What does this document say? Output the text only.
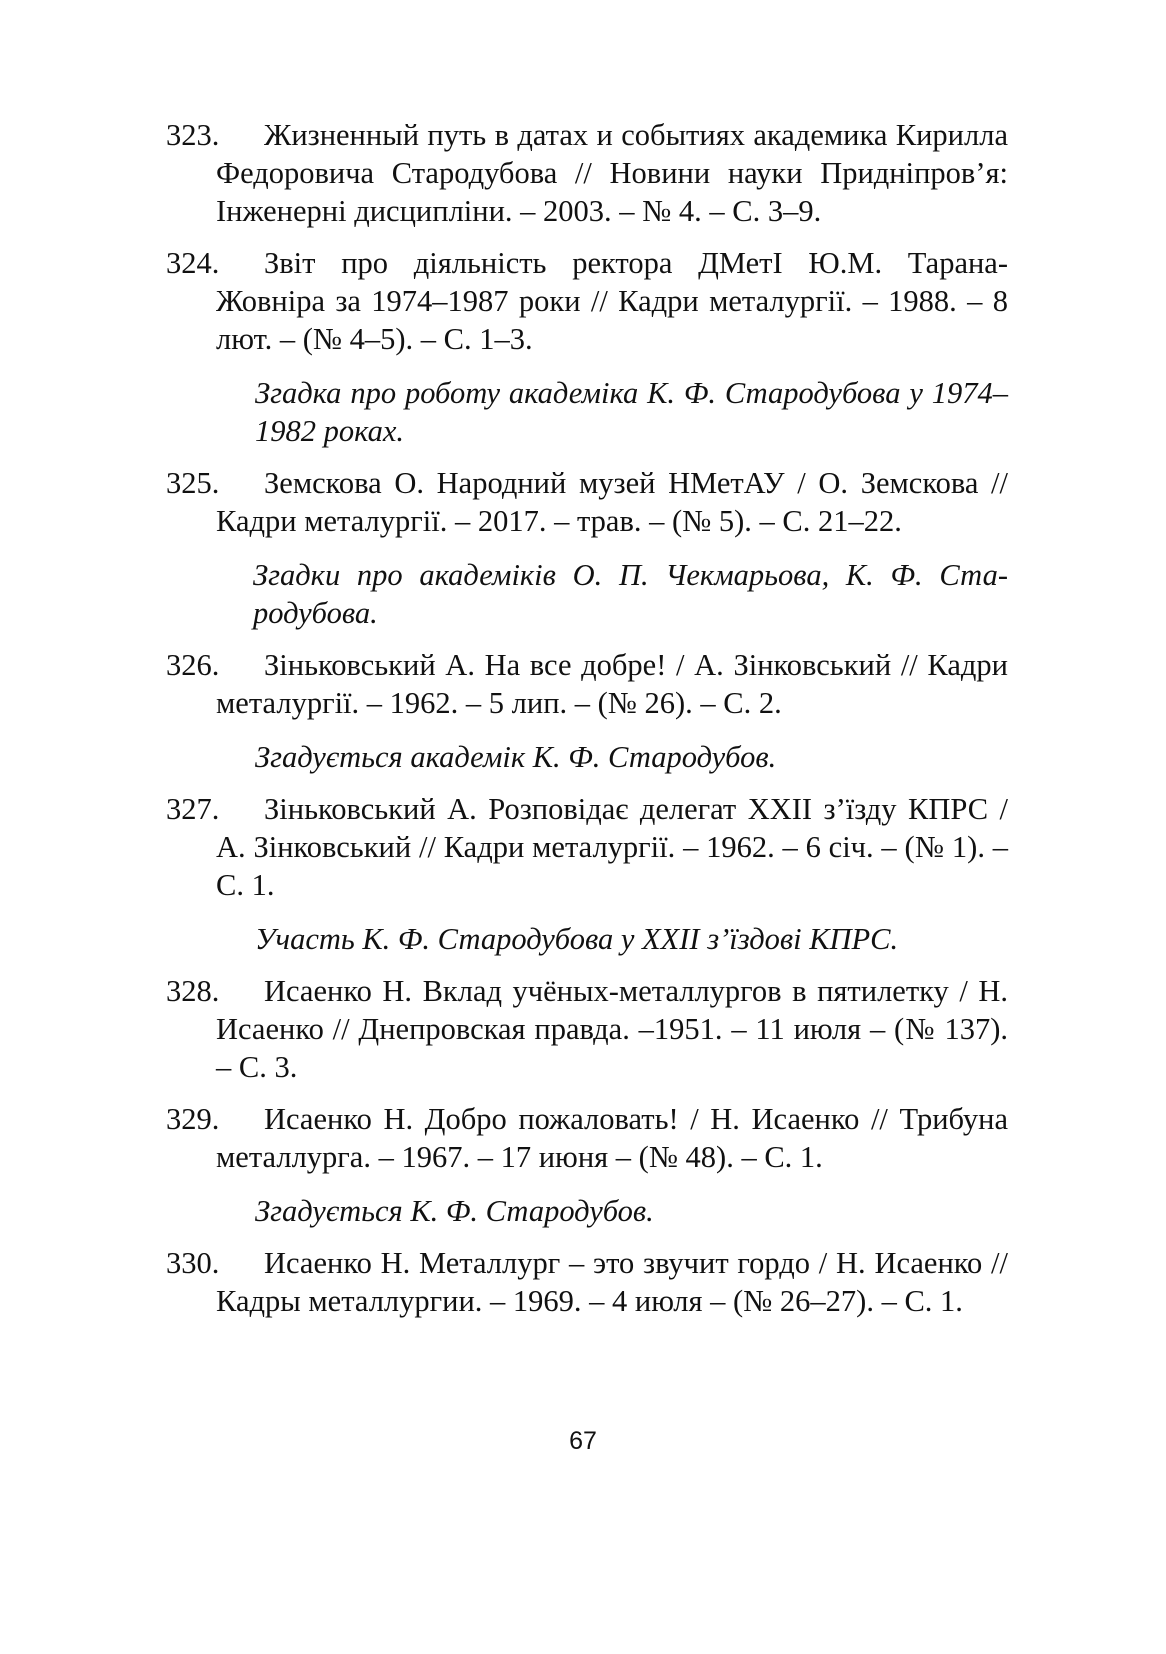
323. Жизненный путь в датах и событиях академика Кирилла Федоровича Стародубова // Новини науки Придніпров’я: Інженерні дисципліни. – 2003. – № 4. – С. 3–9.
324. Звіт про діяльність ректора ДМетІ Ю.М. Тарана-Жовніра за 1974–1987 роки // Кадри металургії. – 1988. – 8 лют. – (№ 4–5). – С. 1–3.
Згадка про роботу академіка К. Ф. Стародубова у 1974–1982 роках.
325. Земскова О. Народний музей НМетАУ / О. Земскова // Кадри металургії. – 2017. – трав. – (№ 5). – С. 21–22.
Згадки про академіків О. П. Чекмарьова, К. Ф. Стародубова.
326. Зіньковський А. На все добре! / А. Зінковський // Кадри металургії. – 1962. – 5 лип. – (№ 26). – С. 2.
Згадується академік К. Ф. Стародубов.
327. Зіньковський А. Розповідає делегат XXII з’їзду КПРС / А. Зінковський // Кадри металургії. – 1962. – 6 січ. – (№ 1). – С. 1.
Участь К. Ф. Стародубова у XXII з’їздові КПРС.
328. Исаенко Н. Вклад учёных-металлургов в пятилетку / Н. Исаенко // Днепровская правда. –1951. – 11 июля – (№ 137). – С. 3.
329. Исаенко Н. Добро пожаловать! / Н. Исаенко // Трибуна металлурга. – 1967. – 17 июня – (№ 48). – С. 1.
Згадується К. Ф. Стародубов.
330. Исаенко Н. Металлург – это звучит гордо / Н. Исаенко // Кадры металлургии. – 1969. – 4 июля – (№ 26–27). – С. 1.
67
